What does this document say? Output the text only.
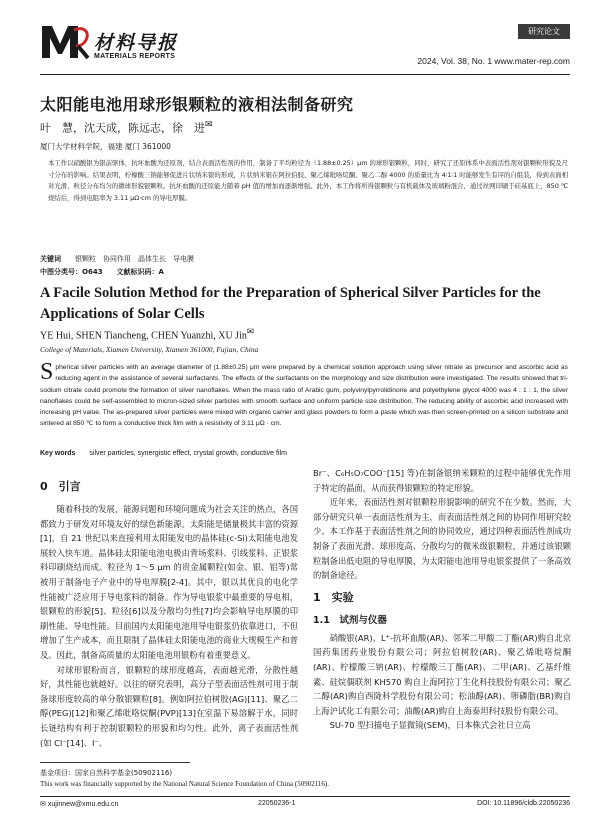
材料导报
MATERIALS REPORTS
研究论文
2024, Vol. 38, No. 1 www.mater-rep.com
太阳能电池用球形银颗粒的液相法制备研究
叶　慧，沈天成，陈远志，徐　进✉
厦门大学材料学院，福建 厦门 361000
本工作以硝酸银为银前驱体，抗坏血酸为还原剂，结合表面活性剂的作用，制备了平均粒径为（1.88±0.25）μm 的球形银颗粒，同时，研究了还原体系中表面活性剂对银颗粒形貌及尺寸分布的影响。结果表明，柠檬酸三钠能够促进片状纳米银的形成，片状纳米银在阿拉伯胶、聚乙烯吡咯烷酮、聚乙二醇 4000 的质量比为 4∶1∶1 时能够发生有序的自组装，得到表面相对光滑、粒径分布均匀的微球形貌银颗粒。抗坏血酸的还原能力随着 pH 值的增加而逐渐增强。此外，本工作将所得银颗粒与有机载体及玻璃粉混合，通过丝网印刷于硅基底上，850 ℃烧结后，得到电阻率为 3.11 μΩ·cm 的导电厚膜。
关键词　　 银颗粒　协同作用　晶体生长　导电膜
中图分类号：O643　　文献标识码：A
A Facile Solution Method for the Preparation of Spherical Silver Particles for the Applications of Solar Cells
YE Hui, SHEN Tiancheng, CHEN Yuanzhi, XU Jin✉
College of Materials, Xiamen University, Xiamen 361000, Fujian, China
Spherical silver particles with an average diameter of (1.88±0.25) μm were prepared by a chemical solution approach using silver nitrate as precursor and ascorbic acid as reducing agent in the assistance of several surfactants. The effects of the surfactants on the morphology and size distribution were investigated. The results showed that tri-sodium citrate could promote the formation of silver nanoflakes. When the mass ratio of Arabic gum, polyvinylpyrrolidinone and polyethylene glycol 4000 was 4 : 1 : 1, the silver nanoflakes could be self-assembled to micron-sized silver particles with smooth surface and uniform particle size distribution. The reducing ability of ascorbic acid increased with increasing pH value. The as-prepared silver particles were mixed with organic carrier and glass powders to form a paste which was then screen-printed on a silicon substrate and sintered at 850 ℃ to form a conductive thick film with a resistivity of 3.11 μΩ · cm.
Key words silver particles, synergistic effect, crystal growth, conductive film
0　引言

随着科技的发展，能源问题和环境问题成为社会关注的热点，各国都致力于研发对环境友好的绿色新能源。太阳能是储量极其丰富的资源[1]，自 21 世纪以来直接利用太阳能发电的晶体硅(c-Si)太阳能电池发展较入快车道。晶体硅太阳能电池电极由背场浆料、引线浆料、正银浆料印刷烧结而成。粒径为 1～5 μm 的贵金属颗粒(如金、银、铝等)常被用于制备电子产业中的导电厚膜[2-4]。其中，银以其优良的电化学性能被广泛应用于导电浆料的制备。作为导电银浆中最重要的导电相，银颗粒的形貌[5]、粒径[6]以及分散均匀性[7]均会影响导电厚膜的印刷性能、导电性能。目前国内太阳能电池用导电银浆仍依靠进口，不但增加了生产成本，而且限制了晶体硅太阳能电池的商业大规模生产和普及。因此，制备高质量的太阳能电池用银粉有着重要意义。

对球形银粉而言，银颗粒的球形度越高，表面越光滑，分散性越好，其性能也就越好。以往的研究表明，高分子型表面活性剂可用于制备球形度较高的单分散银颗粒[8]。例如阿拉伯树胶(AG)[11]、聚乙二醇(PEG)[12]和聚乙烯吡咯烷酮(PVP)[13]在室温下易溶解于水，同时长链结构有利于控制银颗粒的形貌和均匀性。此外，离子表面活性剂(如 Cl⁻[14]、I⁻、

Br⁻、C₆H₅O₇COO⁻[15] 等)在制备银纳米颗粒的过程中能够优先作用于特定的晶面，从而获得银颗粒的特定形貌。

近年来，表面活性剂对银颗粒形貌影响的研究不在少数。然而，大部分研究只单一表面活性剂为主，而表面活性剂之间的协同作用研究较少。本工作基于表面活性剂之间的协同效应，通过四种表面活性剂成功制备了表面光滑、球形度高、分散均匀的微米级银颗粒，并通过该银颗粒制备出低电阻的导电厚膜，为太阳能电池用导电银浆提供了一条高效的制备途径。

1　实验
1.1　试剂与仪器

硝酸银(AR)、L⁺-抗坏血酸(AR)、邻苯二甲酸二丁酯(AR)购自北京国药集团药业股份有限公司；阿拉伯树胶(AR)、聚乙烯吡咯烷酮(AR)、柠檬酸三钠(AR)、柠檬酸三丁酯(AR)、二甲(AR)、乙基纤维素、硅烷偶联剂 KH570 购自上海阿拉丁生化科技股份有限公司；聚乙二醇(AR)购自西陇科学股份有限公司；松油醇(AR)、卵磷脂(BR)购自上海沪试化工有限公司；油酸(AR)购自上海泰坦科技股份有限公司。

SU-70 型扫描电子显微镜(SEM)，日本株式会社日立高

基金项目：国家自然科学基金(50902116)
This work was financially supported by the National Natural Science Foundation of China (50902116).
✉ xujinnew@xmu.edu.cn	22050236-1	DOI: 10.11896/cldb.22050236
